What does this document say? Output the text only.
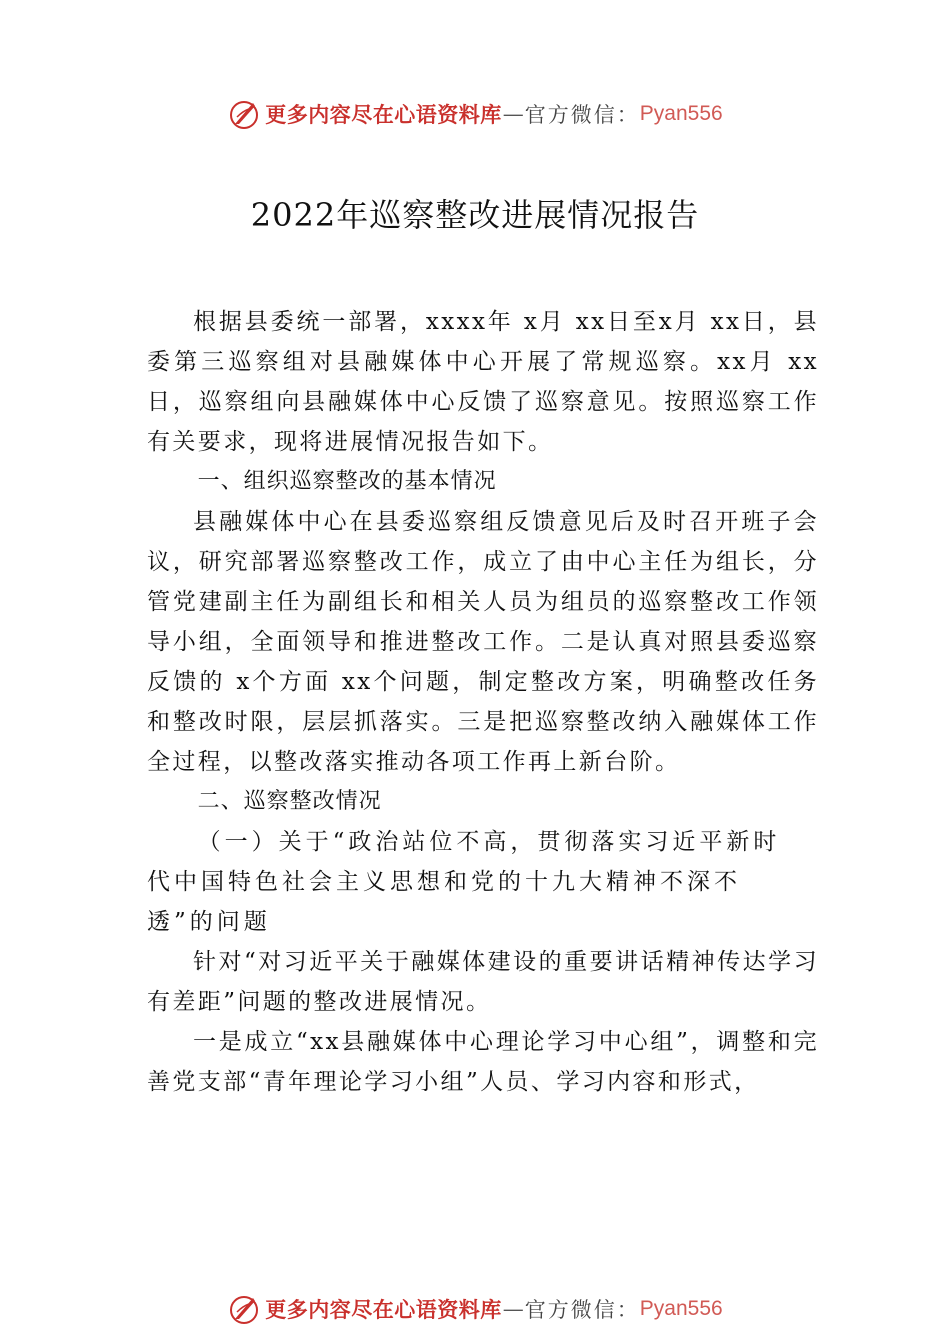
更多内容尽在心语资料库 — 官方微信： Pyan556
2022年巡察整改进展情况报告

根据县委统一部署，xxxx年 x月 xx日至x月 xx日，县委第三巡察组对县融媒体中心开展了常规巡察。xx月 xx日，巡察组向县融媒体中心反馈了巡察意见。按照巡察工作有关要求，现将进展情况报告如下。

一、组织巡察整改的基本情况

县融媒体中心在县委巡察组反馈意见后及时召开班子会议，研究部署巡察整改工作，成立了由中心主任为组长，分管党建副主任为副组长和相关人员为组员的巡察整改工作领导小组，全面领导和推进整改工作。二是认真对照县委巡察反馈的 x个方面 xx个问题，制定整改方案，明确整改任务和整改时限，层层抓落实。三是把巡察整改纳入融媒体工作全过程，以整改落实推动各项工作再上新台阶。

二、巡察整改情况

（一）关于“政治站位不高，贯彻落实习近平新时代中国特色社会主义思想和党的十九大精神不深不透”的问题

针对“对习近平关于融媒体建设的重要讲话精神传达学习有差距”问题的整改进展情况。

一是成立“xx县融媒体中心理论学习中心组”，调整和完善党支部“青年理论学习小组”人员、学习内容和形式，

更多内容尽在心语资料库 — 官方微信： Pyan556
